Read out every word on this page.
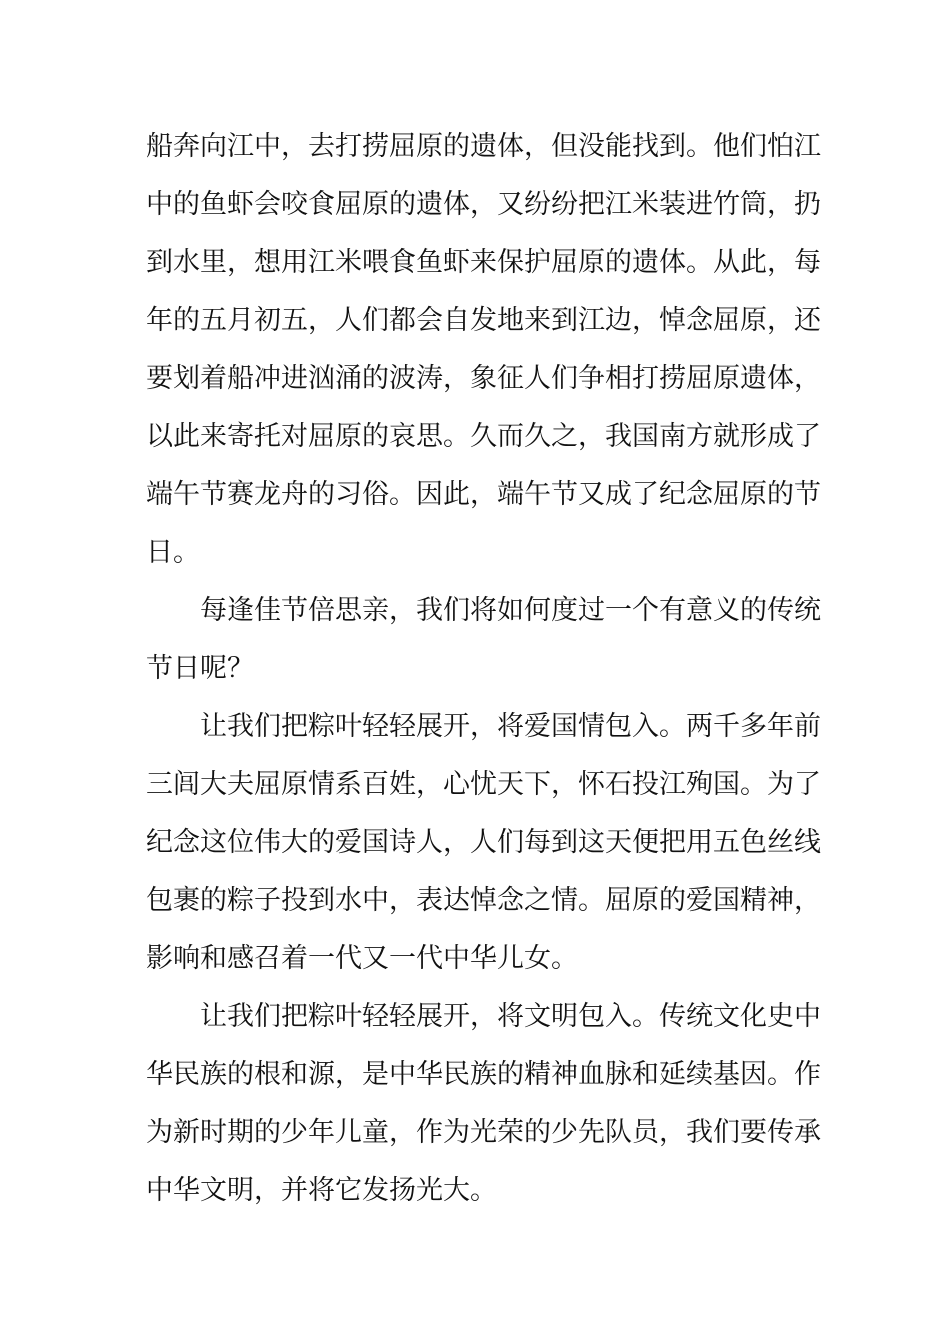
船奔向江中，去打捞屈原的遗体，但没能找到。他们怕江
中的鱼虾会咬食屈原的遗体，又纷纷把江米装进竹筒，扔
到水里，想用江米喂食鱼虾来保护屈原的遗体。从此，每
年的五月初五，人们都会自发地来到江边，悼念屈原，还
要划着船冲进汹涌的波涛，象征人们争相打捞屈原遗体，
以此来寄托对屈原的哀思。久而久之，我国南方就形成了
端午节赛龙舟的习俗。因此，端午节又成了纪念屈原的节
日。
每逢佳节倍思亲，我们将如何度过一个有意义的传统
节日呢？
让我们把粽叶轻轻展开，将爱国情包入。两千多年前
三闾大夫屈原情系百姓，心忧天下，怀石投江殉国。为了
纪念这位伟大的爱国诗人，人们每到这天便把用五色丝线
包裹的粽子投到水中，表达悼念之情。屈原的爱国精神，
影响和感召着一代又一代中华儿女。
让我们把粽叶轻轻展开，将文明包入。传统文化史中
华民族的根和源，是中华民族的精神血脉和延续基因。作
为新时期的少年儿童，作为光荣的少先队员，我们要传承
中华文明，并将它发扬光大。
